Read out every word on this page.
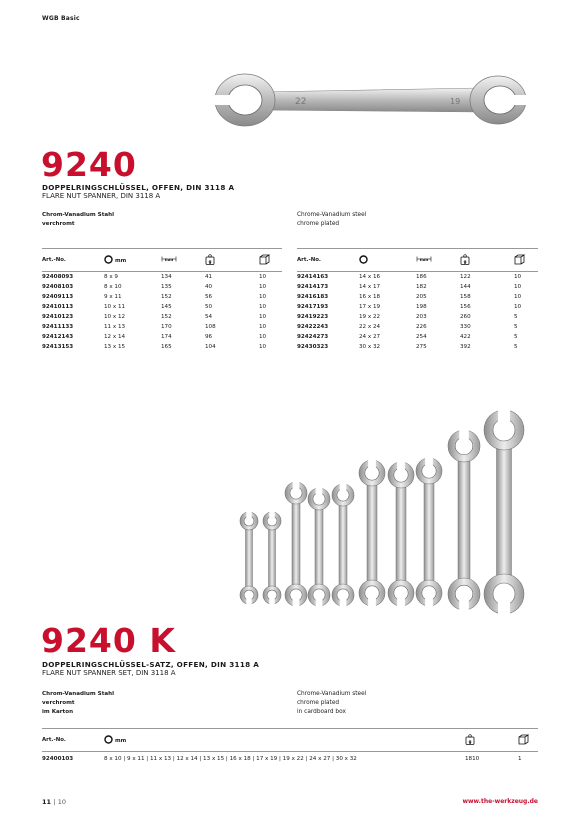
WGB Basic
22	19
9240
DOPPELRINGSCHLÜSSEL, OFFEN, DIN 3118 A
FLARE NUT SPANNER, DIN 3118 A
Chrom-Vanadium Stahl
verchromt
Chrome-Vanadium steel
chrome plated
Art.-No.	mm	mm	g

92408093	8 x 9	134	41	10
92408103	8 x 10	135	40	10
92409113	9 x 11	152	56	10
92410113	10 x 11	145	50	10
92410123	10 x 12	152	54	10
92411133	11 x 13	170	108	10
92412143	12 x 14	174	96	10
92413153	13 x 15	165	104	10
Art.-No.		mm	g

92414163	14 x 16	186	122	10
92414173	14 x 17	182	144	10
92416183	16 x 18	205	158	10
92417193	17 x 19	198	156	10
92419223	19 x 22	203	260	5
92422243	22 x 24	226	330	5
92424273	24 x 27	254	422	5
92430323	30 x 32	275	392	5
9240 K
DOPPELRINGSCHLÜSSEL-SATZ, OFFEN, DIN 3118 A
FLARE NUT SPANNER SET, DIN 3118 A
Chrom-Vanadium Stahl
verchromt
im Karton
Chrome-Vanadium steel
chrome plated
in cardboard box
Art.-No.	mm	g

92400103	8 x 10 | 9 x 11 | 11 x 13 | 12 x 14 | 13 x 15 | 16 x 18 | 17 x 19 | 19 x 22 | 24 x 27 | 30 x 32	1810	1
11 | 10	www.the-werkzeug.de
